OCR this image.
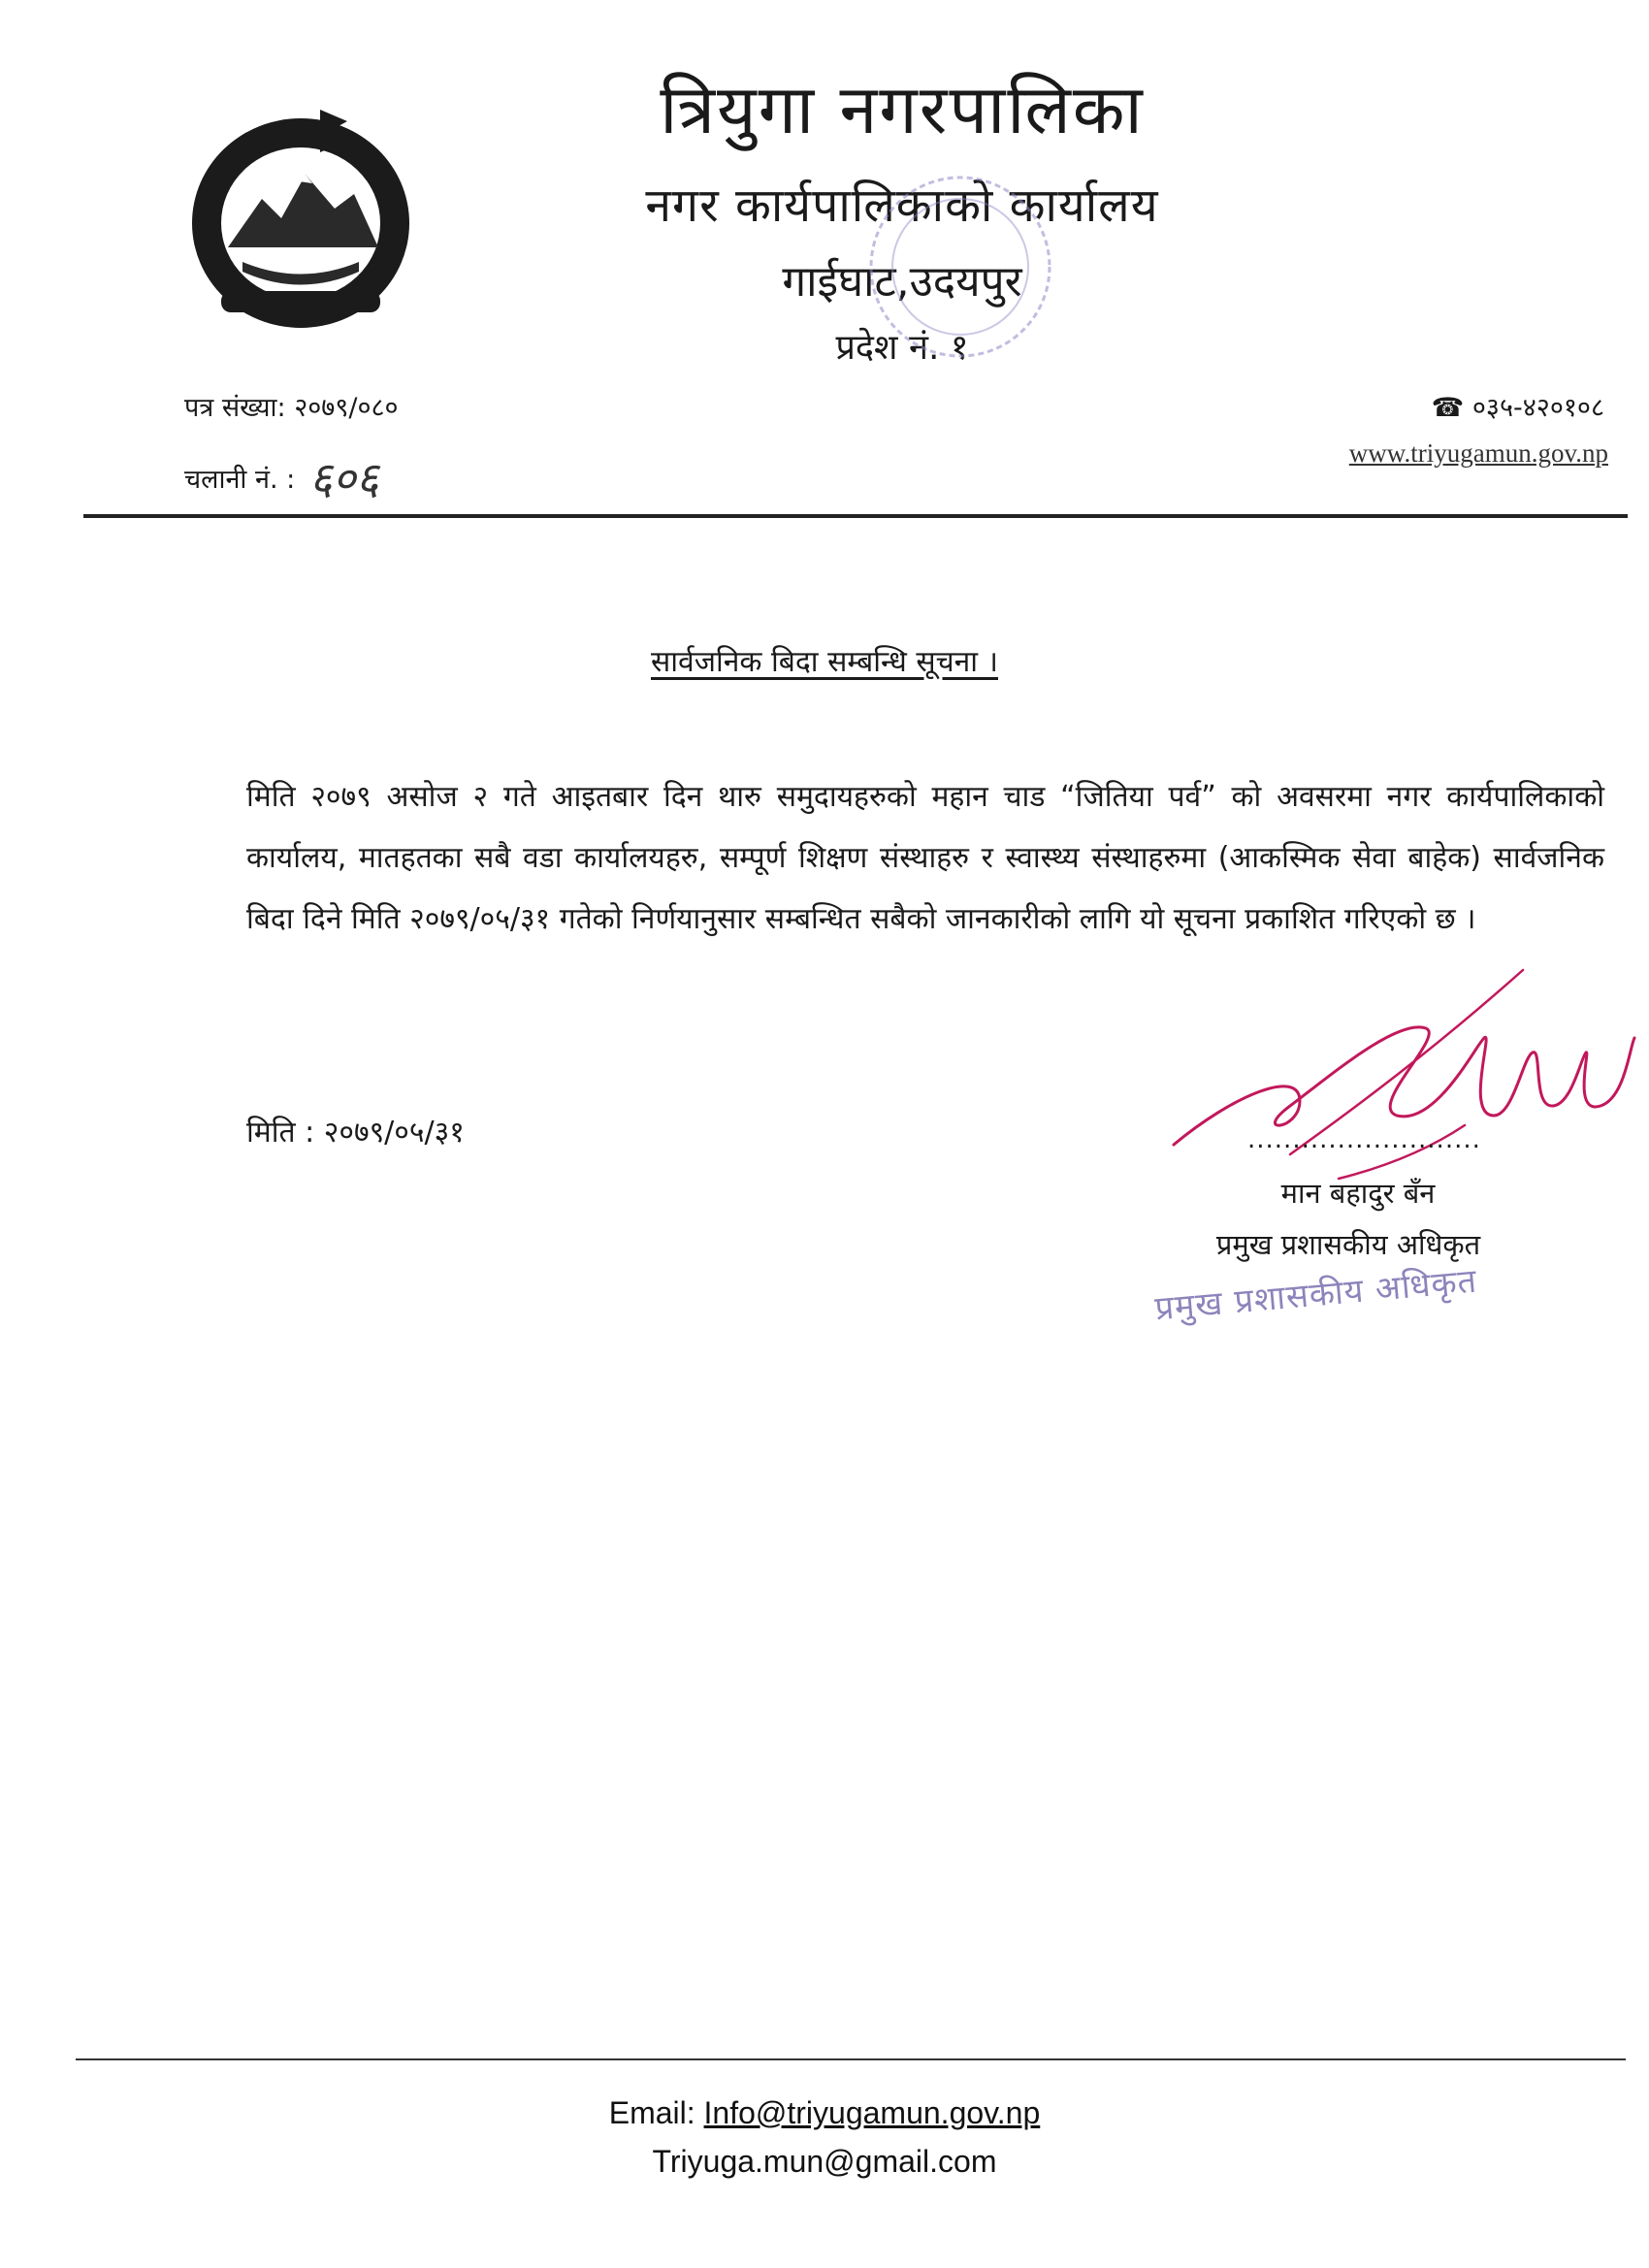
त्रियुगा नगरपालिका
नगर कार्यपालिकाको कार्यालय
गाईघाट,उदयपुर
प्रदेश नं. १
पत्र संख्या: २०७९/०८०
चलानी नं. : ६०६
☎ ०३५-४२०१०८
www.triyugamun.gov.np
सार्वजनिक बिदा सम्बन्धि सूचना ।
मिति २०७९ असोज २ गते आइतबार दिन थारु समुदायहरुको महान चाड “जितिया पर्व” को अवसरमा नगर कार्यपालिकाको कार्यालय, मातहतका सबै वडा कार्यालयहरु, सम्पूर्ण शिक्षण संस्थाहरु र स्वास्थ्य संस्थाहरुमा (आकस्मिक सेवा बाहेक) सार्वजनिक बिदा दिने मिति २०७९/०५/३१ गतेको निर्णयानुसार सम्बन्धित सबैको जानकारीको लागि यो सूचना प्रकाशित गरिएको छ ।
मिति : २०७९/०५/३१	..........................
मान बहादुर बँन
प्रमुख प्रशासकीय अधिकृत
प्रमुख प्रशासकीय अधिकृत
Email: Info@triyugamun.gov.np
Triyuga.mun@gmail.com
